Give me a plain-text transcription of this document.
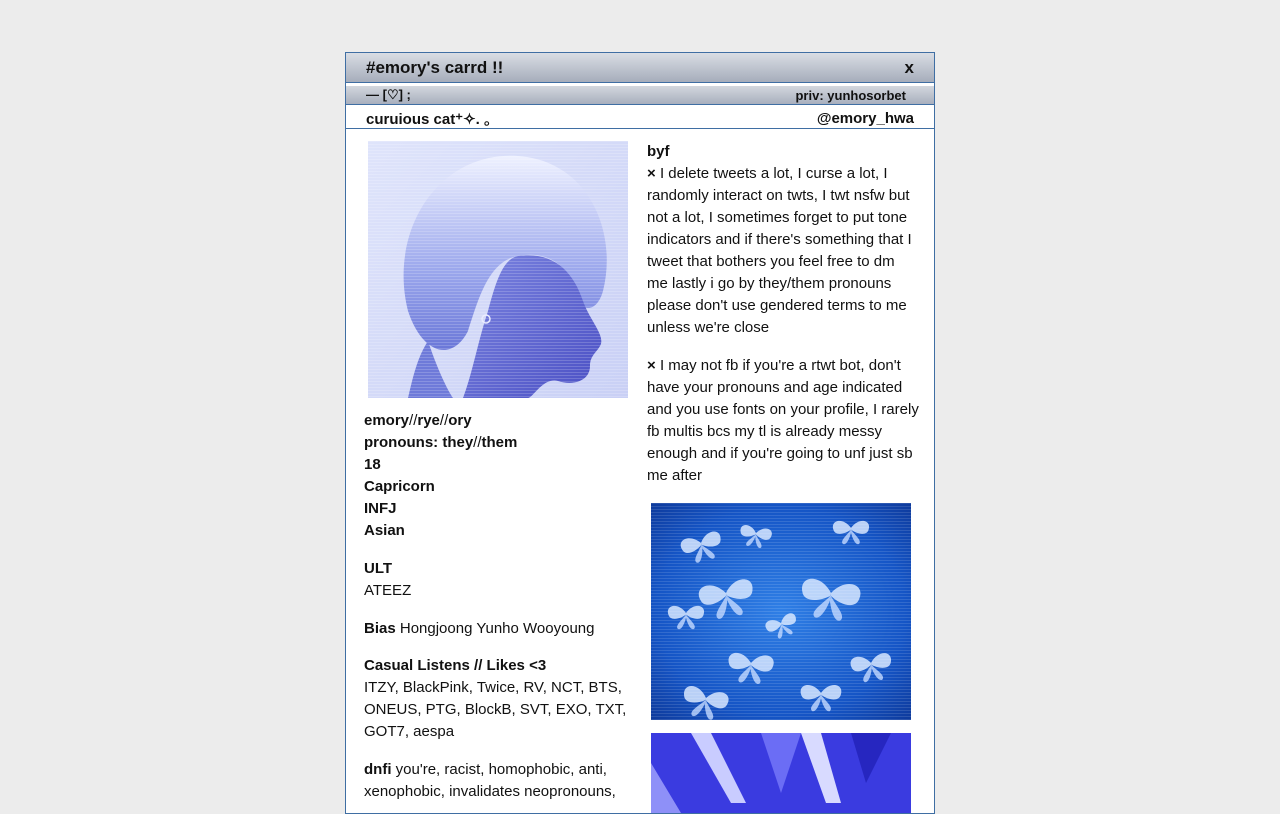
#emory's carrd !!	x
— [♡] ;	priv: yunhosorbet
curuious cat⁺✧. ｡	@emory_hwa
emory//rye//ory
pronouns: they//them
18
Capricorn
INFJ
Asian
ULT
ATEEZ
Bias Hongjoong Yunho Wooyoung
Casual Listens // Likes <3
ITZY, BlackPink, Twice, RV, NCT, BTS, ONEUS, PTG, BlockB, SVT, EXO, TXT, GOT7, aespa
dnfi you're, racist, homophobic, anti, xenophobic, invalidates neopronouns,
byf

× I delete tweets a lot, I curse a lot, I randomly interact on twts, I twt nsfw but not a lot, I sometimes forget to put tone indicators and if there's something that I tweet that bothers you feel free to dm me lastly i go by they/them pronouns please don't use gendered terms to me unless we're close

× I may not fb if you're a rtwt bot, don't have your pronouns and age indicated and you use fonts on your profile, I rarely fb multis bcs my tl is already messy enough and if you're going to unf just sb me after
